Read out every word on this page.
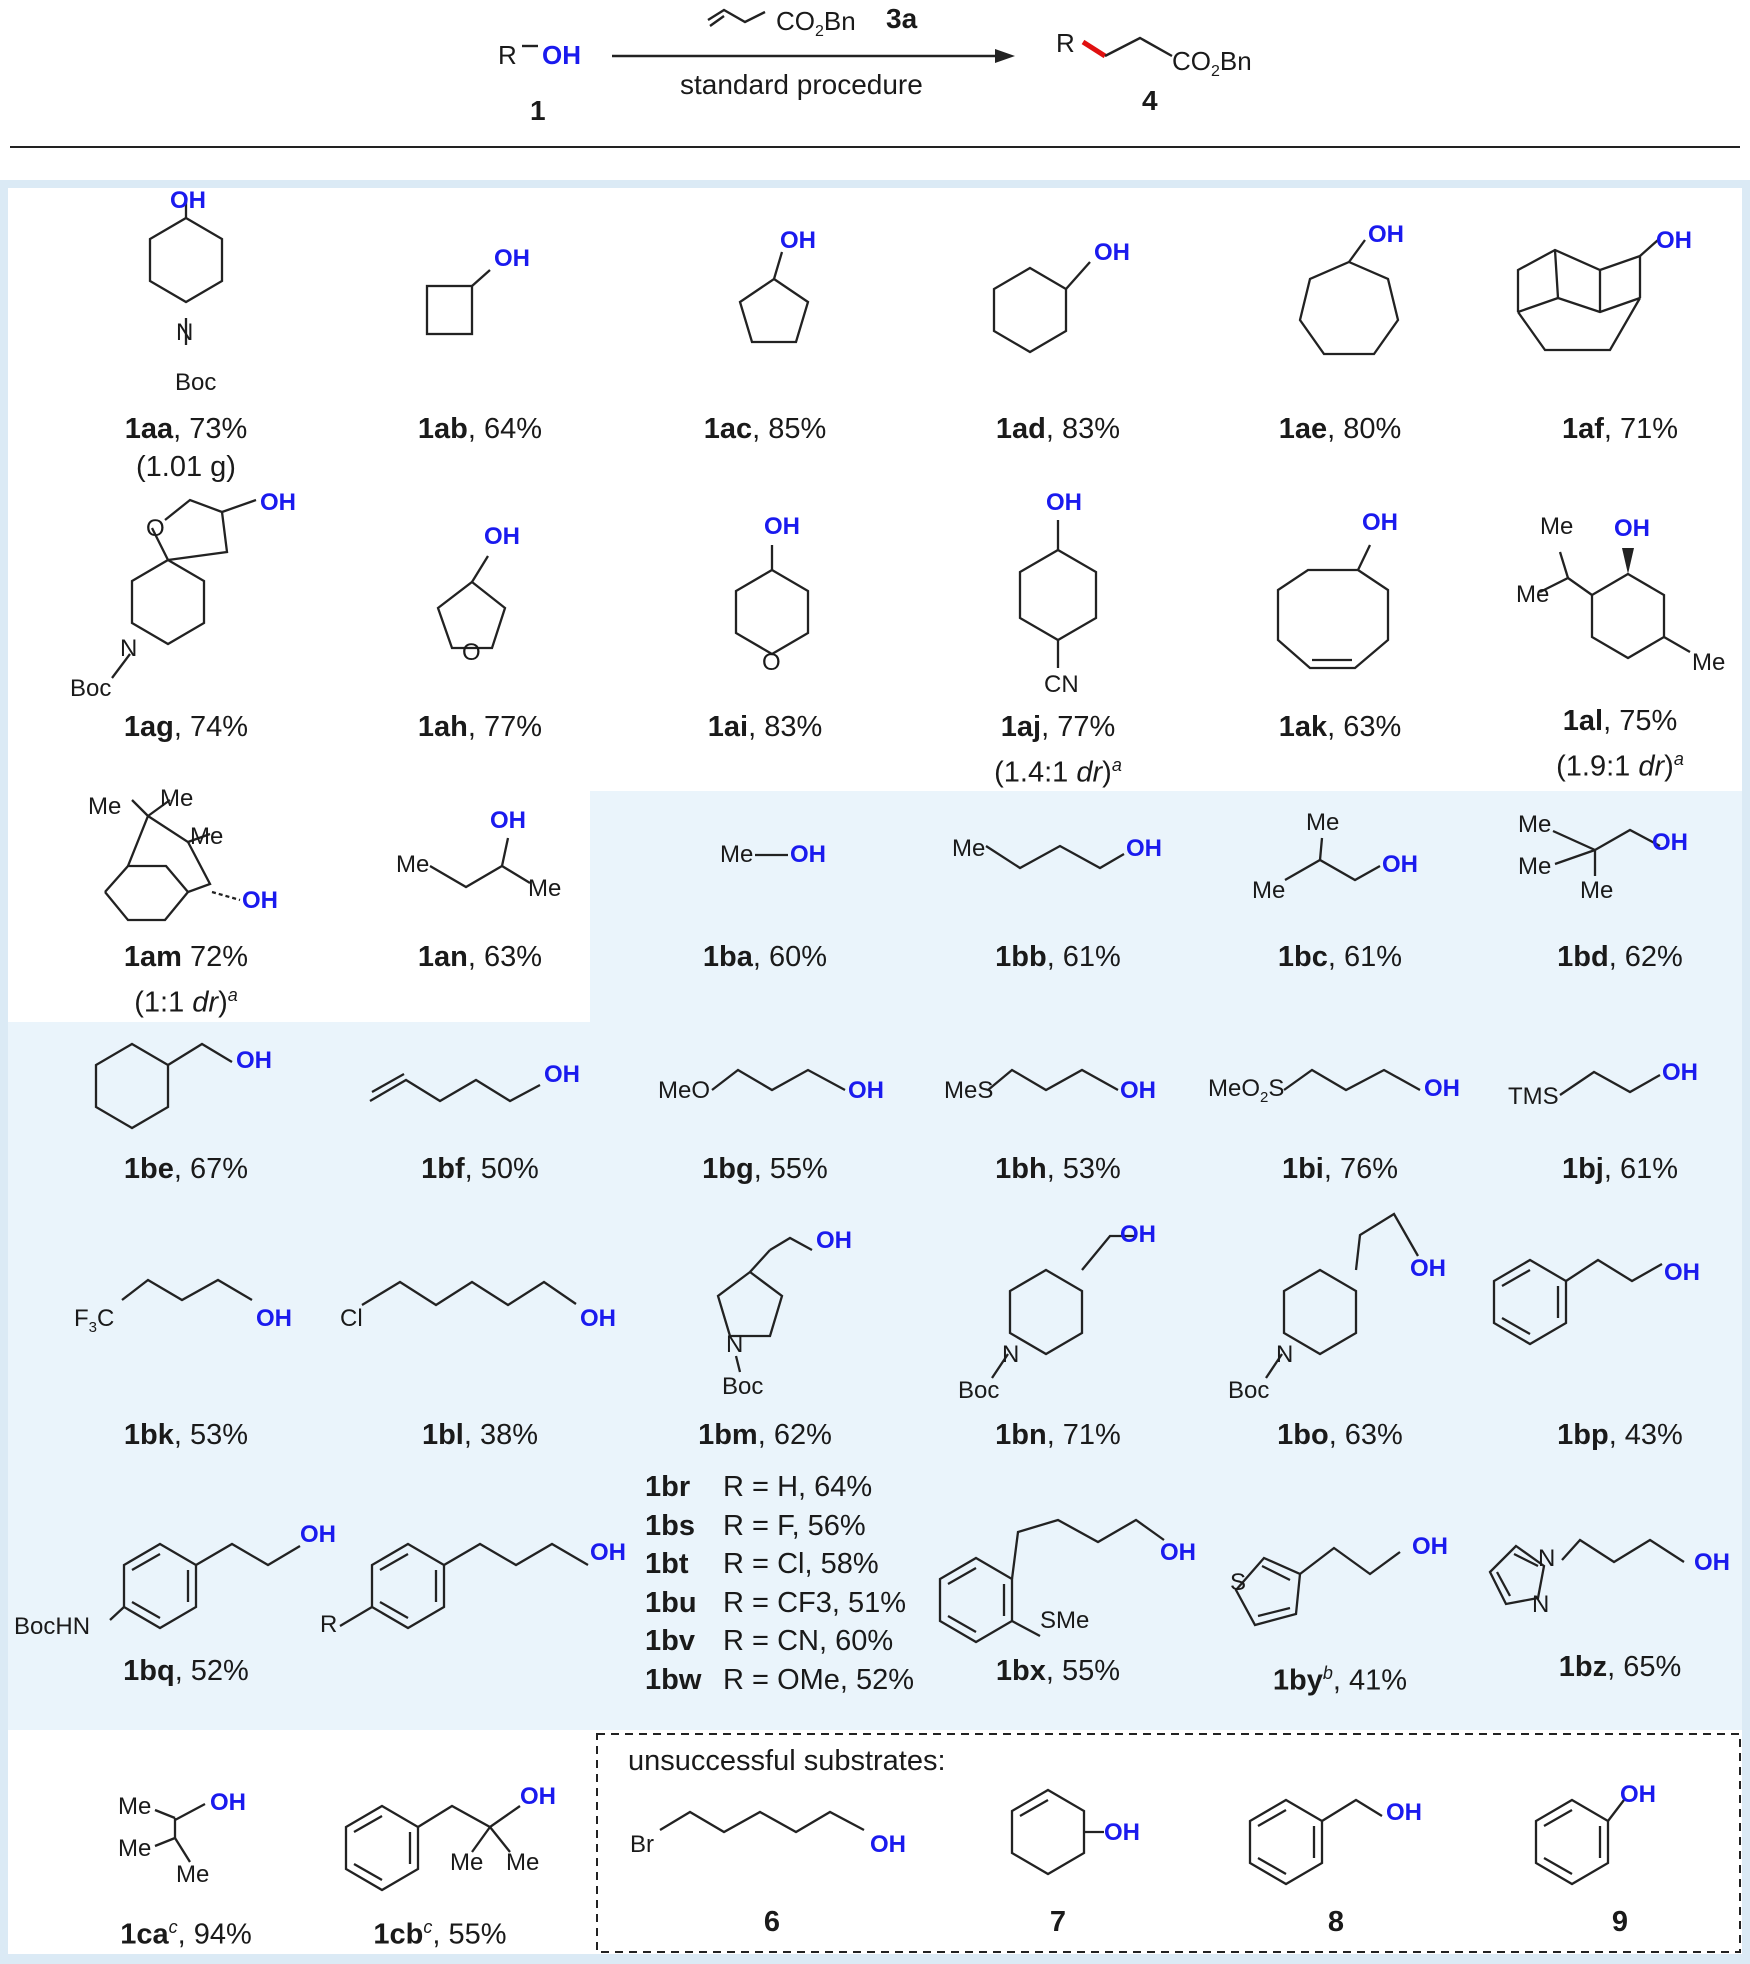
R OH
1
$CO_2Bn$ 3a
standard procedure
R
$CO_2Bn$
4
OH
N
Boc
OH
OH	OH
OH	OH
OH
O
N
Boc
OH
O
OH
O
OH
CN
OH	Me
Me
OH
Me
Me Me
Me
OH
OH
Me
Me
Me OH	Me	OH
Me
Me
OH
Me
Me
Me
OH
OH
OH
MeO	OH	MeS	OH MeO$_2$S	OH TMS
OH
$F_3C$	OH Cl	OH
OH
N
Boc
OH
N
Boc
OH
N
Boc
OH
OH
BocHN
OH
R
OH
SMe
OH
S
N
N
OH
Me
Me
Me
OH	OH
Me Me
Br	OH	OH
OH
OH
1aa, 73%
(1.01 g)
1ab, 64%	1ac, 85%	1ad, 83%	1ae, 80%	1af, 71%
1ag, 74%	1ah, 77%	1ai, 83%	1aj, 77%
(1.4:1 dr)$^a$
1ak, 63%	1al, 75%
(1.9:1 dr)$^a$
1am 72%
(1:1 dr)$^a$
1an, 63%	1ba, 60%	1bb, 61%	1bc, 61%	1bd, 62%
1be, 67%	1bf, 50%	1bg, 55%	1bh, 53%	1bi, 76%	1bj, 61%
1bk, 53%	1bl, 38%	1bm, 62%	1bn, 71%	1bo, 63%	1bp, 43%
1bq, 52%	1bx, 55%	$1by^b$, 41%	1bz, 65%
$1ca^c$, 94%	$1cb^c$, 55%
1br R = H, 64%
1bs R = F, 56%
1bt R = Cl, 58%
1bu R = CF3, 51%
1bv R = CN, 60%
1bw R = OMe, 52%
unsuccessful substrates:
6	7	8	9
